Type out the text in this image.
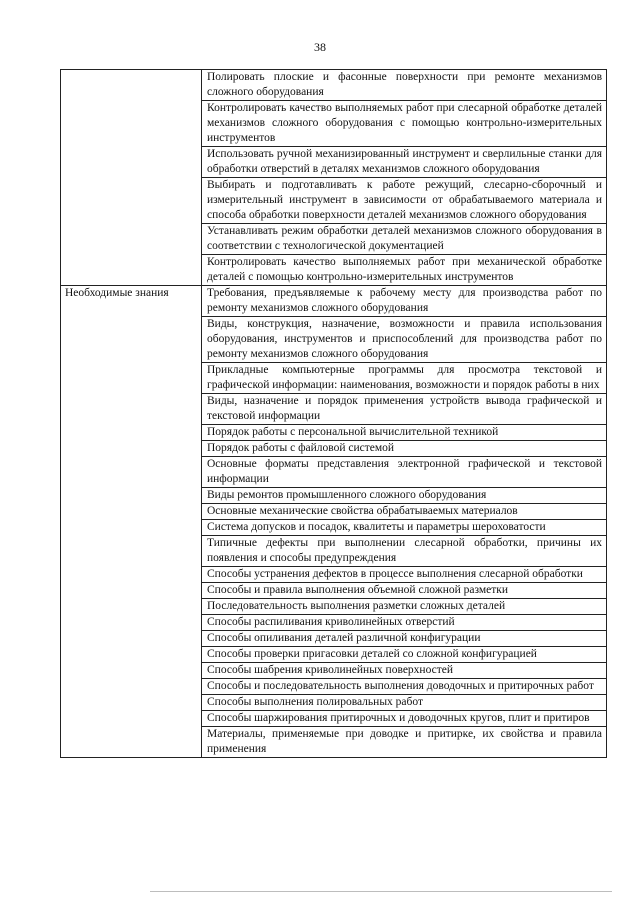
38
	Полировать плоские и фасонные поверхности при ремонте механизмов сложного оборудования
	Контролировать качество выполняемых работ при слесарной обработке деталей механизмов сложного оборудования с помощью контрольно-измерительных инструментов
	Использовать ручной механизированный инструмент и сверлильные станки для обработки отверстий в деталях механизмов сложного оборудования
	Выбирать и подготавливать к работе режущий, слесарно-сборочный и измерительный инструмент в зависимости от обрабатываемого материала и способа обработки поверхности деталей механизмов сложного оборудования
	Устанавливать режим обработки деталей механизмов сложного оборудования в соответствии с технологической документацией
	Контролировать качество выполняемых работ при механической обработке деталей с помощью контрольно-измерительных инструментов
Необходимые знания	Требования, предъявляемые к рабочему месту для производства работ по ремонту механизмов сложного оборудования
	Виды, конструкция, назначение, возможности и правила использования оборудования, инструментов и приспособлений для производства работ по ремонту механизмов сложного оборудования
	Прикладные компьютерные программы для просмотра текстовой и графической информации: наименования, возможности и порядок работы в них
	Виды, назначение и порядок применения устройств вывода графической и текстовой информации
	Порядок работы с персональной вычислительной техникой
	Порядок работы с файловой системой
	Основные форматы представления электронной графической и текстовой информации
	Виды ремонтов промышленного сложного оборудования
	Основные механические свойства обрабатываемых материалов
	Система допусков и посадок, квалитеты и параметры шероховатости
	Типичные дефекты при выполнении слесарной обработки, причины их появления и способы предупреждения
	Способы устранения дефектов в процессе выполнения слесарной обработки
	Способы и правила выполнения объемной сложной разметки
	Последовательность выполнения разметки сложных деталей
	Способы распиливания криволинейных отверстий
	Способы опиливания деталей различной конфигурации
	Способы проверки пригасовки деталей со сложной конфигурацией
	Способы шабрения криволинейных поверхностей
	Способы и последовательность выполнения доводочных и притирочных работ
	Способы выполнения полировальных работ
	Способы шаржирования притирочных и доводочных кругов, плит и притиров
	Материалы, применяемые при доводке и притирке, их свойства и правила применения
